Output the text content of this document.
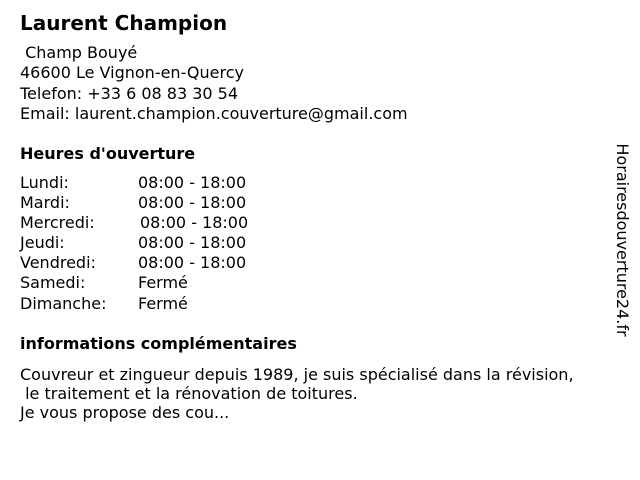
Laurent Champion
Champ Bouyé
46600 Le Vignon-en-Quercy
Telefon: +33 6 08 83 30 54
Email: laurent.champion.couverture@gmail.com
Heures d'ouverture
Lundi:	08:00 - 18:00
Mardi:	08:00 - 18:00
Mercredi:	08:00 - 18:00
Jeudi:	08:00 - 18:00
Vendredi:	08:00 - 18:00
Samedi:	Fermé
Dimanche: Fermé
informations complémentaires
Couvreur et zingueur depuis 1989, je suis spécialisé dans la révision,
le traitement et la rénovation de toitures.
Je vous propose des cou...
Horairesdouverture24.fr
